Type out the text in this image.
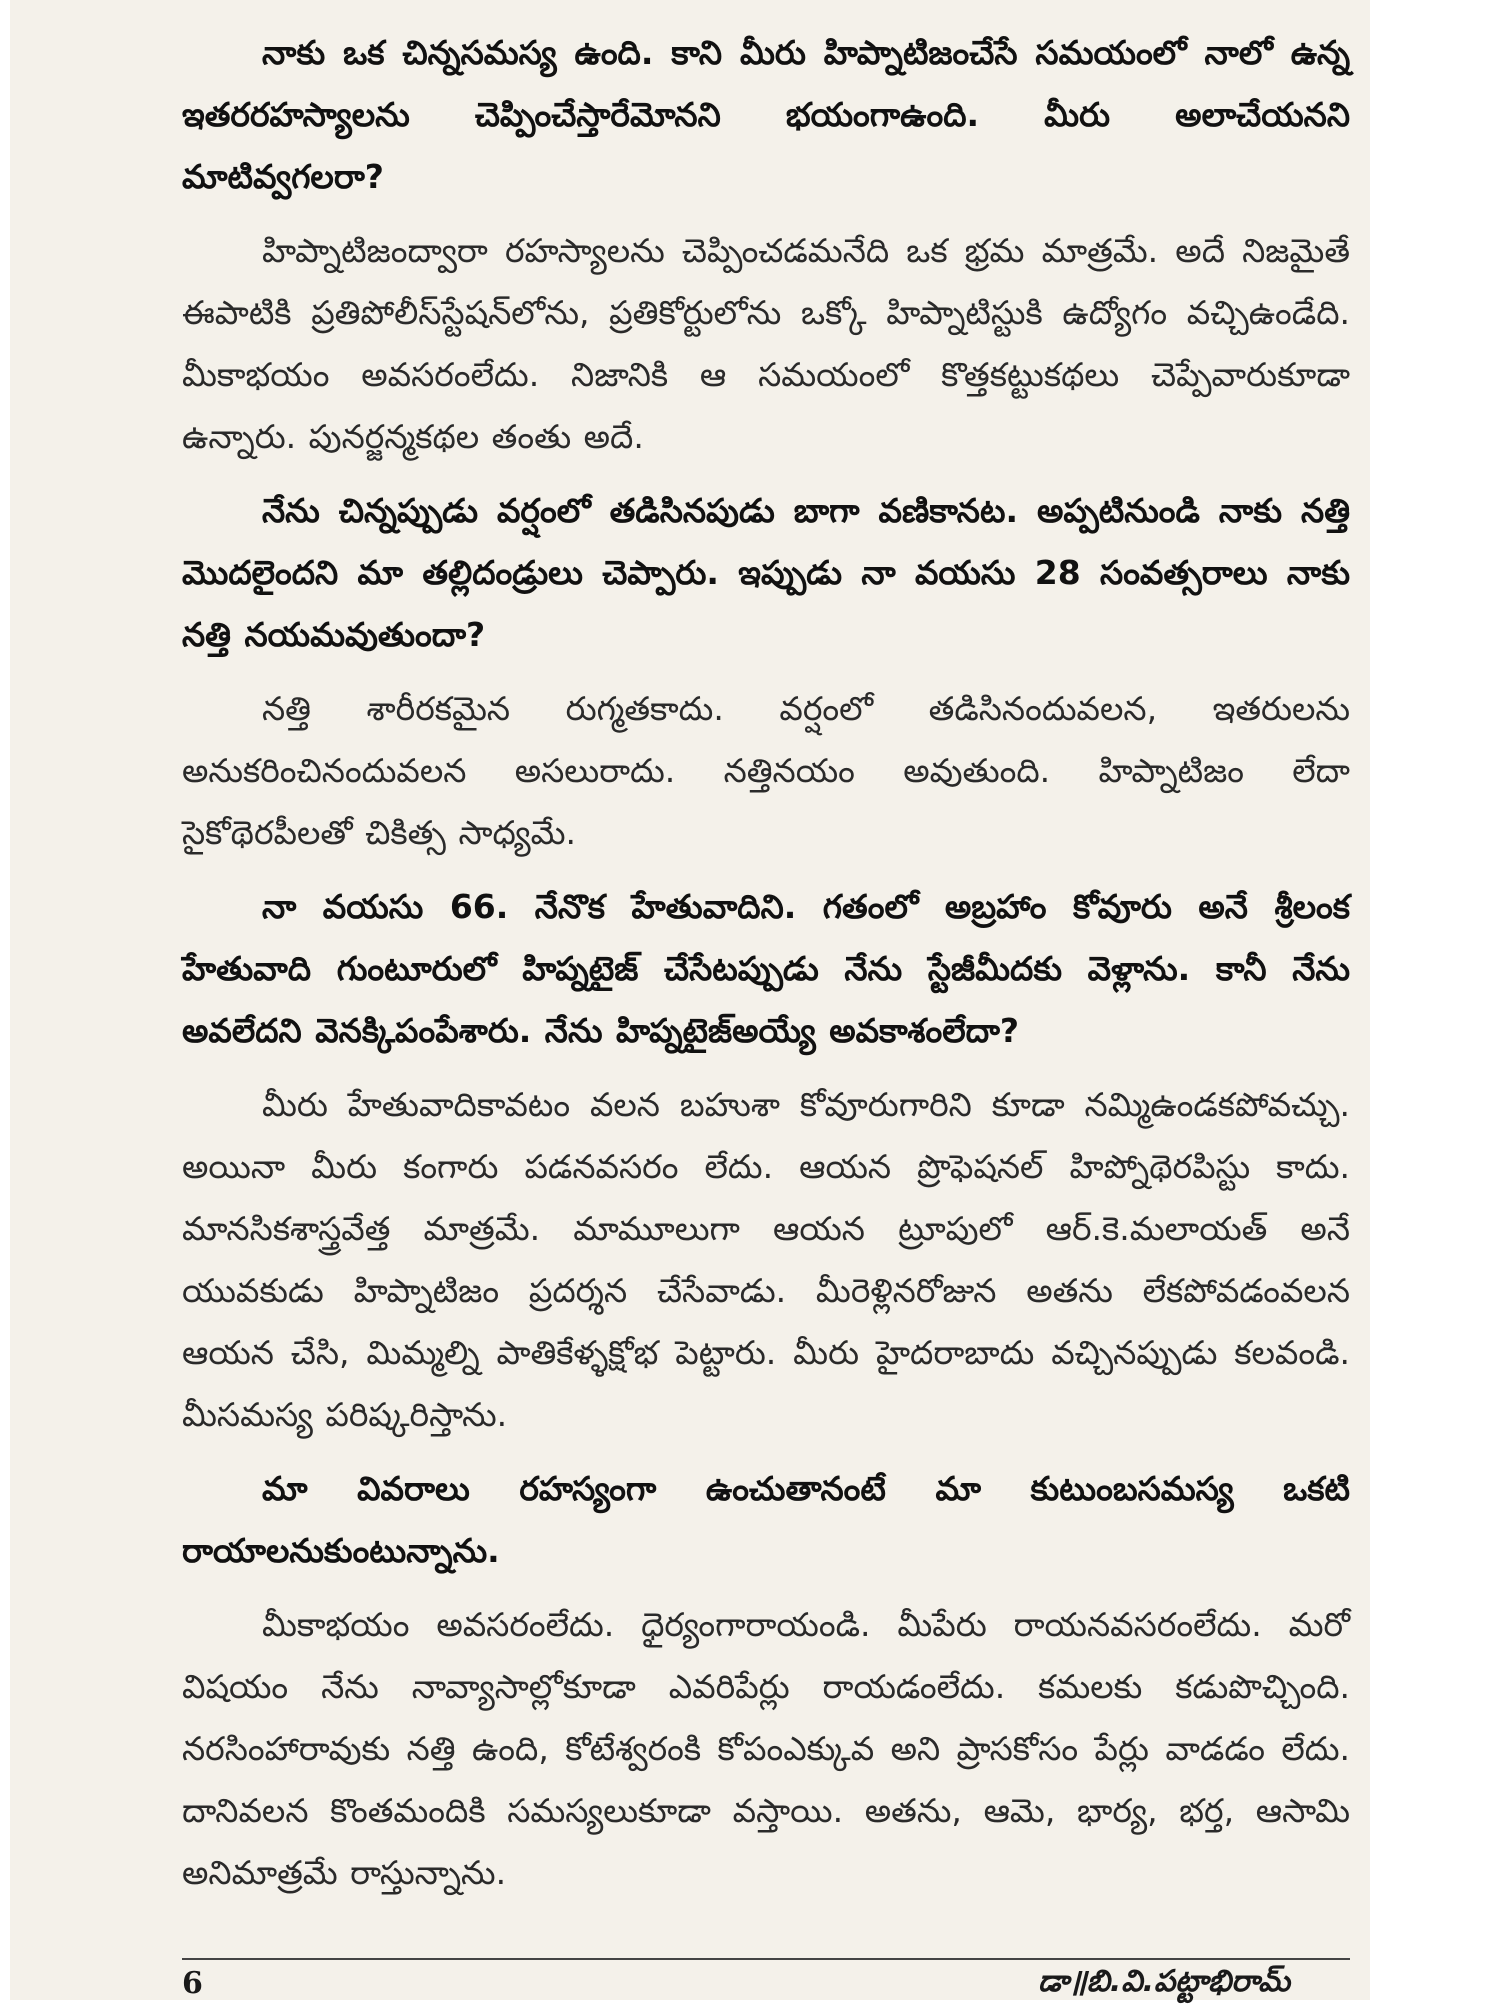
నాకు ఒక చిన్నసమస్య ఉంది. కాని మీరు హిప్నాటిజంచేసే సమయంలో నాలో ఉన్న ఇతరరహస్యాలను చెప్పించేస్తారేమోనని భయంగాఉంది. మీరు అలాచేయనని మాటివ్వగలరా?

హిప్నాటిజంద్వారా రహస్యాలను చెప్పించడమనేది ఒక భ్రమ మాత్రమే. అదే నిజమైతే ఈపాటికి ప్రతిపోలీస్‌స్టేషన్‌లోను, ప్రతికోర్టులోను ఒక్కో హిప్నాటిస్టుకి ఉద్యోగం వచ్చిఉండేది. మీకాభయం అవసరంలేదు. నిజానికి ఆ సమయంలో కొత్తకట్టుకథలు చెప్పేవారుకూడా ఉన్నారు. పునర్జన్మకథల తంతు అదే.

నేను చిన్నప్పుడు వర్షంలో తడిసినపుడు బాగా వణికానట. అప్పటినుండి నాకు నత్తి మొదలైందని మా తల్లిదండ్రులు చెప్పారు. ఇప్పుడు నా వయసు 28 సంవత్సరాలు నాకు నత్తి నయమవుతుందా?

నత్తి శారీరకమైన రుగ్మతకాదు. వర్షంలో తడిసినందువలన, ఇతరులను అనుకరించినందువలన అసలురాదు. నత్తినయం అవుతుంది. హిప్నాటిజం లేదా సైకోథెరపీలతో చికిత్స సాధ్యమే.

నా వయసు 66. నేనొక హేతువాదిని. గతంలో అబ్రహాం కోవూరు అనే శ్రీలంక హేతువాది గుంటూరులో హిప్నటైజ్ చేసేటప్పుడు నేను స్టేజీమీదకు వెళ్లాను. కానీ నేను అవలేదని వెనక్కిపంపేశారు. నేను హిప్నటైజ్‌అయ్యే అవకాశంలేదా?

మీరు హేతువాదికావటం వలన బహుశా కోవూరుగారిని కూడా నమ్మిఉండకపోవచ్చు. అయినా మీరు కంగారు పడనవసరం లేదు. ఆయన ప్రొఫెషనల్ హిప్నోథెరపిస్టు కాదు. మానసికశాస్త్రవేత్త మాత్రమే. మామూలుగా ఆయన ట్రూపులో ఆర్.కె.మలాయత్ అనే యువకుడు హిప్నాటిజం ప్రదర్శన చేసేవాడు. మీరెళ్లినరోజున అతను లేకపోవడంవలన ఆయన చేసి, మిమ్మల్ని పాతికేళ్ళక్షోభ పెట్టారు. మీరు హైదరాబాదు వచ్చినప్పుడు కలవండి. మీసమస్య పరిష్కరిస్తాను.

మా వివరాలు రహస్యంగా ఉంచుతానంటే మా కుటుంబసమస్య ఒకటి రాయాలనుకుంటున్నాను.

మీకాభయం అవసరంలేదు. ధైర్యంగారాయండి. మీపేరు రాయనవసరంలేదు. మరో విషయం నేను నావ్యాసాల్లోకూడా ఎవరిపేర్లు రాయడంలేదు. కమలకు కడుపొచ్చింది. నరసింహారావుకు నత్తి ఉంది, కోటేశ్వరంకి కోపంఎక్కువ అని ప్రాసకోసం పేర్లు వాడడం లేదు. దానివలన కొంతమందికి సమస్యలుకూడా వస్తాయి. అతను, ఆమె, భార్య, భర్త, ఆసామి అనిమాత్రమే రాస్తున్నాను.

6	డా॥బి.వి.పట్టాభిరామ్
